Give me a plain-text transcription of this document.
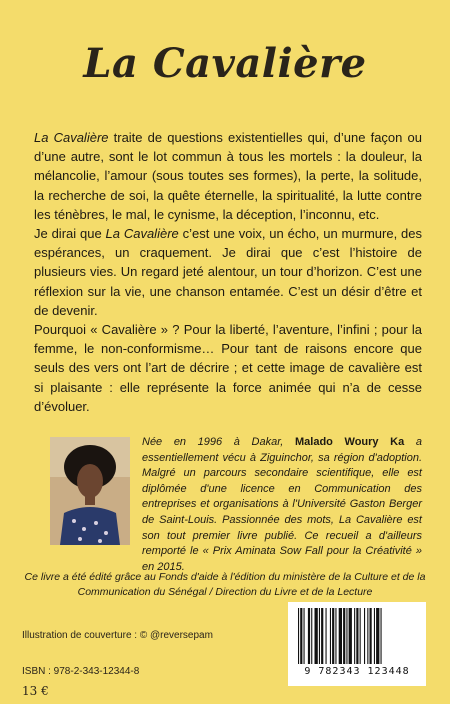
La Cavalière

La Cavalière traite de questions existentielles qui, d’une façon ou d’une autre, sont le lot commun à tous les mortels : la douleur, la mélancolie, l’amour (sous toutes ses formes), la perte, la solitude, la recherche de soi, la quête éternelle, la spiritualité, la lutte contre les ténèbres, le mal, le cynisme, la déception, l’inconnu, etc.

Je dirai que La Cavalière c’est une voix, un écho, un murmure, des espérances, un craquement. Je dirai que c’est l’histoire de plusieurs vies. Un regard jeté alentour, un tour d’horizon. C’est une réflexion sur la vie, une chanson entamée. C’est un désir d’être et de devenir.

Pourquoi « Cavalière » ? Pour la liberté, l’aventure, l’infini ; pour la femme, le non-conformisme… Pour tant de raisons encore que seuls des vers ont l’art de décrire ; et cette image de cavalière est si plaisante : elle représente la force animée qui n’a de cesse d’évoluer.

Née en 1996 à Dakar, Malado Woury Ka a essentiellement vécu à Ziguinchor, sa région d'adoption. Malgré un parcours secondaire scientifique, elle est diplômée d'une licence en Communication des entreprises et organisations à l'Université Gaston Berger de Saint-Louis. Passionnée des mots, La Cavalière est son tout premier livre publié. Ce recueil a d'ailleurs remporté le « Prix Aminata Sow Fall pour la Créativité » en 2015.
Ce livre a été édité grâce au Fonds d'aide à l'édition du ministère de la Culture et de la Communication du Sénégal / Direction du Livre et de la Lecture
Illustration de couverture : © @reversepam
ISBN : 978-2-343-12344-8
13 €
9 782343 123448
